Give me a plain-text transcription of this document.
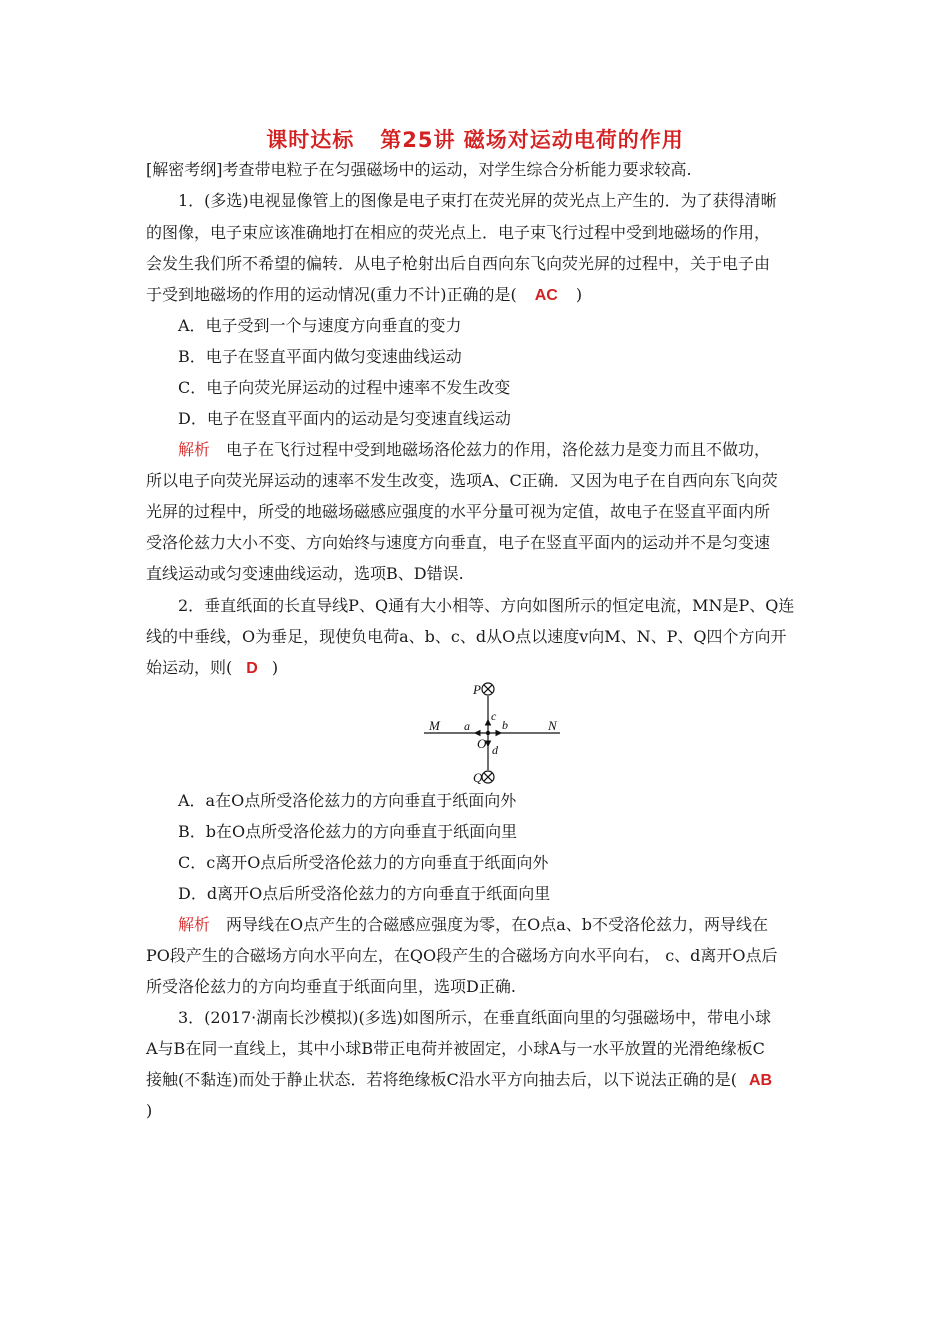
课时达标 第25讲 磁场对运动电荷的作用
[解密考纲]考查带电粒子在匀强磁场中的运动，对学生综合分析能力要求较高.
1．(多选)电视显像管上的图像是电子束打在荧光屏的荧光点上产生的．为了获得清晰
的图像，电子束应该准确地打在相应的荧光点上．电子束飞行过程中受到地磁场的作用，
会发生我们所不希望的偏转．从电子枪射出后自西向东飞向荧光屏的过程中，关于电子由
于受到地磁场的作用的运动情况(重力不计)正确的是( AC )
A．电子受到一个与速度方向垂直的变力
B．电子在竖直平面内做匀变速曲线运动
C．电子向荧光屏运动的过程中速率不发生改变
D．电子在竖直平面内的运动是匀变速直线运动
解析 电子在飞行过程中受到地磁场洛伦兹力的作用，洛伦兹力是变力而且不做功，
所以电子向荧光屏运动的速率不发生改变，选项A、C正确．又因为电子在自西向东飞向荧
光屏的过程中，所受的地磁场磁感应强度的水平分量可视为定值，故电子在竖直平面内所
受洛伦兹力大小不变、方向始终与速度方向垂直，电子在竖直平面内的运动并不是匀变速
直线运动或匀变速曲线运动，选项B、D错误.
2．垂直纸面的长直导线P、Q通有大小相等、方向如图所示的恒定电流，MN是P、Q连
线的中垂线，O为垂足，现使负电荷a、b、c、d从O点以速度v向M、N、P、Q四个方向开
始运动，则( D )
P
Q
M	N
O
a	b
c
d
A．a在O点所受洛伦兹力的方向垂直于纸面向外
B．b在O点所受洛伦兹力的方向垂直于纸面向里
C．c离开O点后所受洛伦兹力的方向垂直于纸面向外
D．d离开O点后所受洛伦兹力的方向垂直于纸面向里
解析 两导线在O点产生的合磁感应强度为零，在O点a、b不受洛伦兹力，两导线在
PO段产生的合磁场方向水平向左，在QO段产生的合磁场方向水平向右， c、d离开O点后
所受洛伦兹力的方向均垂直于纸面向里，选项D正确.
3．(2017·湖南长沙模拟)(多选)如图所示，在垂直纸面向里的匀强磁场中，带电小球
A与B在同一直线上，其中小球B带正电荷并被固定，小球A与一水平放置的光滑绝缘板C
接触(不黏连)而处于静止状态．若将绝缘板C沿水平方向抽去后，以下说法正确的是( AB
)
